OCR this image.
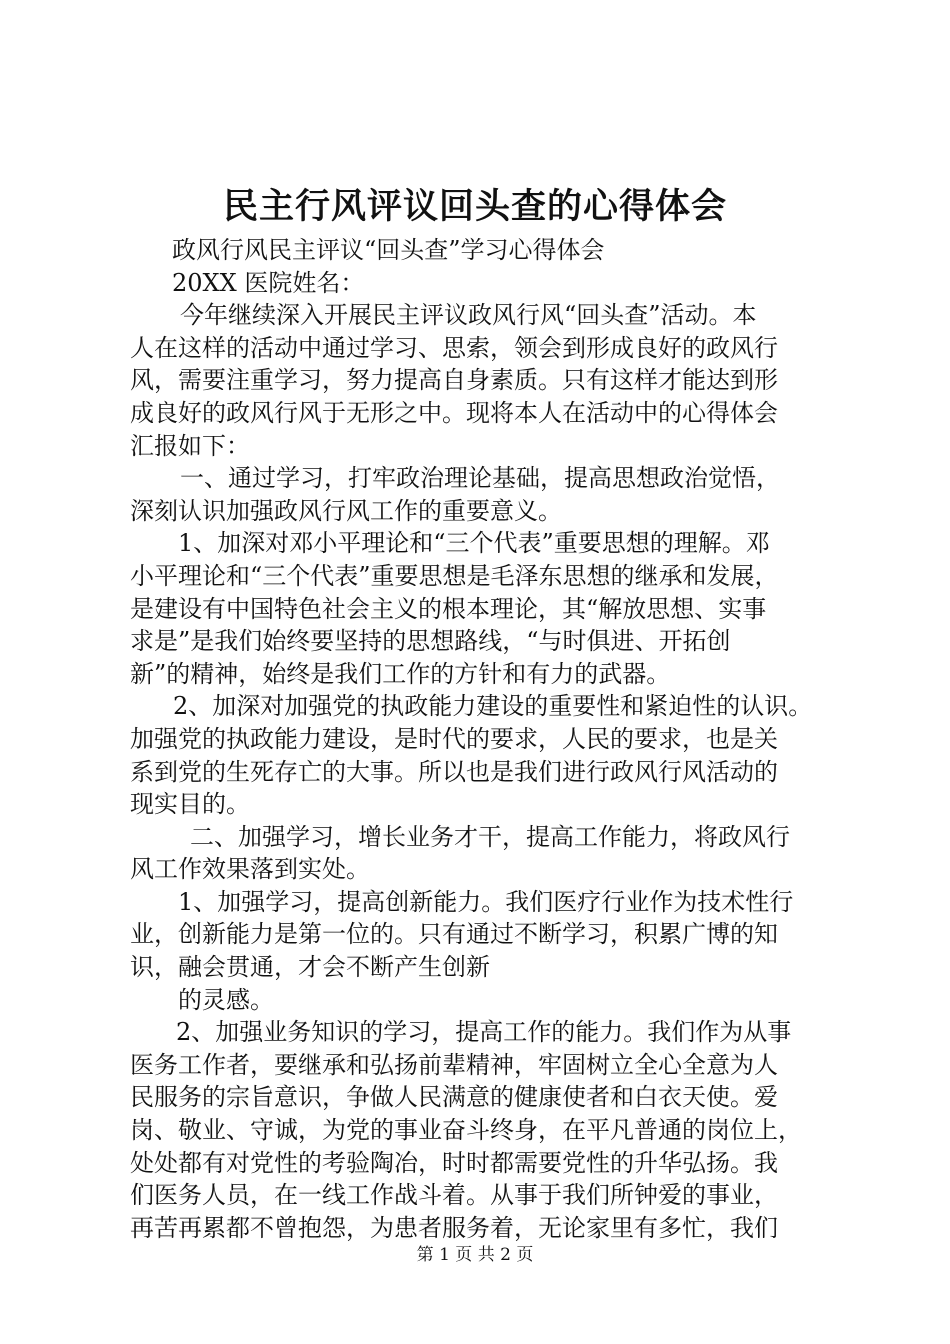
民主行风评议回头查的心得体会
政风行风民主评议“回头查”学习心得体会
20XX 医院姓名：
今年继续深入开展民主评议政风行风“回头查”活动。本
人在这样的活动中通过学习、思索，领会到形成良好的政风行
风，需要注重学习，努力提高自身素质。只有这样才能达到形
成良好的政风行风于无形之中。现将本人在活动中的心得体会
汇报如下：
一、通过学习，打牢政治理论基础，提高思想政治觉悟，
深刻认识加强政风行风工作的重要意义。
1、加深对邓小平理论和“三个代表”重要思想的理解。邓
小平理论和“三个代表”重要思想是毛泽东思想的继承和发展，
是建设有中国特色社会主义的根本理论，其“解放思想、实事
求是”是我们始终要坚持的思想路线，“与时俱进、开拓创
新”的精神，始终是我们工作的方针和有力的武器。
2、加深对加强党的执政能力建设的重要性和紧迫性的认识。
加强党的执政能力建设，是时代的要求，人民的要求，也是关
系到党的生死存亡的大事。所以也是我们进行政风行风活动的
现实目的。
二、加强学习，增长业务才干，提高工作能力，将政风行
风工作效果落到实处。
1、加强学习，提高创新能力。我们医疗行业作为技术性行
业，创新能力是第一位的。只有通过不断学习，积累广博的知
识，融会贯通，才会不断产生创新
的灵感。
2、加强业务知识的学习，提高工作的能力。我们作为从事
医务工作者，要继承和弘扬前辈精神，牢固树立全心全意为人
民服务的宗旨意识，争做人民满意的健康使者和白衣天使。爱
岗、敬业、守诚，为党的事业奋斗终身，在平凡普通的岗位上，
处处都有对党性的考验陶冶，时时都需要党性的升华弘扬。我
们医务人员，在一线工作战斗着。从事于我们所钟爱的事业，
再苦再累都不曾抱怨，为患者服务着，无论家里有多忙，我们
第 1 页 共 2 页
